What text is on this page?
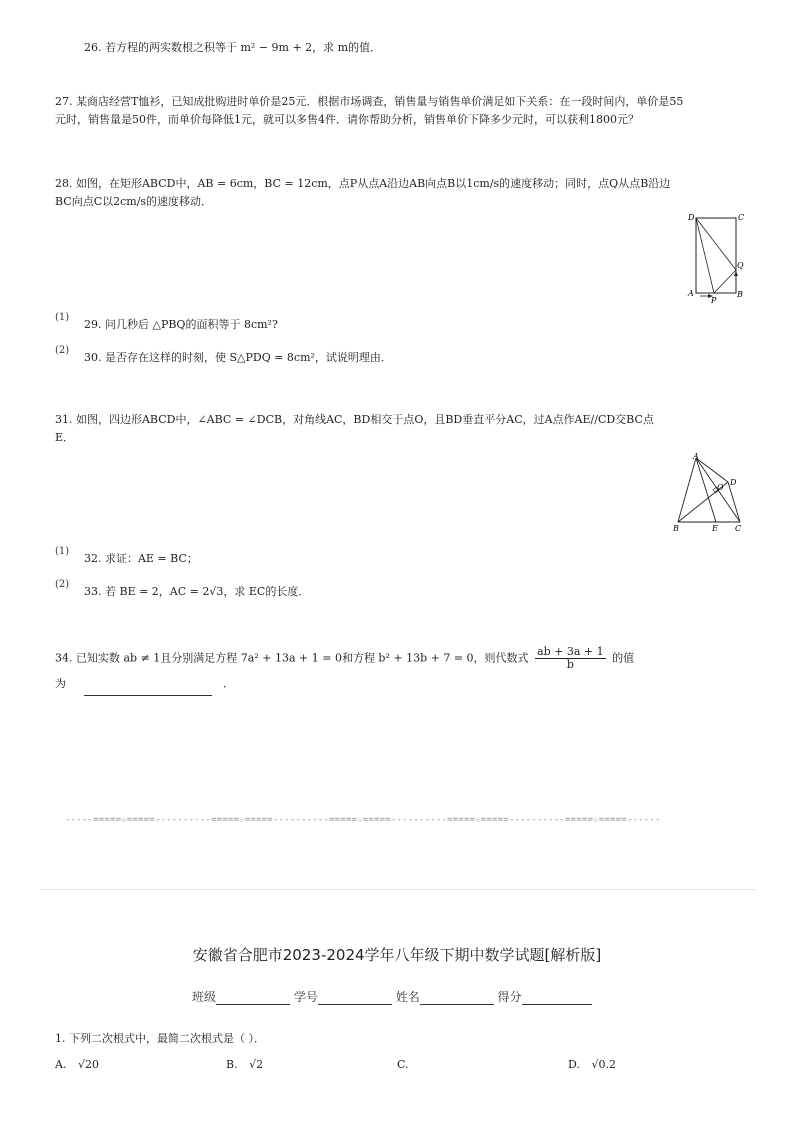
26. 若方程的两实数根之积等于 m² − 9m + 2，求 m的值．
27. 某商店经营T恤衫，已知成批购进时单价是25元．根据市场调查，销售量与销售单价满足如下关系：在一段时间内，单价是55
元时，销售量是50件，而单价每降低1元，就可以多售4件．请你帮助分析，销售单价下降多少元时，可以获利1800元？
28. 如图，在矩形ABCD中，AB = 6cm，BC = 12cm，点P从点A沿边AB向点B以1cm/s的速度移动；同时，点Q从点B沿边
BC向点C以2cm/s的速度移动．
D	C
Q
A
P
B
(1)
29. 问几秒后 △PBQ的面积等于 8cm²?
(2)
30. 是否存在这样的时刻，使 S△PDQ = 8cm²，试说明理由．
31. 如图，四边形ABCD中，∠ABC = ∠DCB，对角线AC，BD相交于点O，且BD垂直平分AC，过A点作AE//CD交BC点
E．
A
D
O
B	E C
(1)
32. 求证：AE = BC；
(2)
33. 若 BE = 2，AC = 2√3，求 EC的长度．
34. 已知实数 ab ≠ 1且分别满足方程 7a² + 13a + 1 = 0和方程 b² + 13b + 7 = 0，则代数式 $\frac{ab + 3a + 1}{b}$ 的值
为	．
-----=====☆=====----------=====☆=====----------=====☆=====----------=====☆=====----------=====☆=====------
安徽省合肥市2023-2024学年八年级下期中数学试题[解析版]
班级	学号	姓名	得分
1. 下列二次根式中，最简二次根式是（ ）．
A. √20	B. √2	C.	D. √0.2
